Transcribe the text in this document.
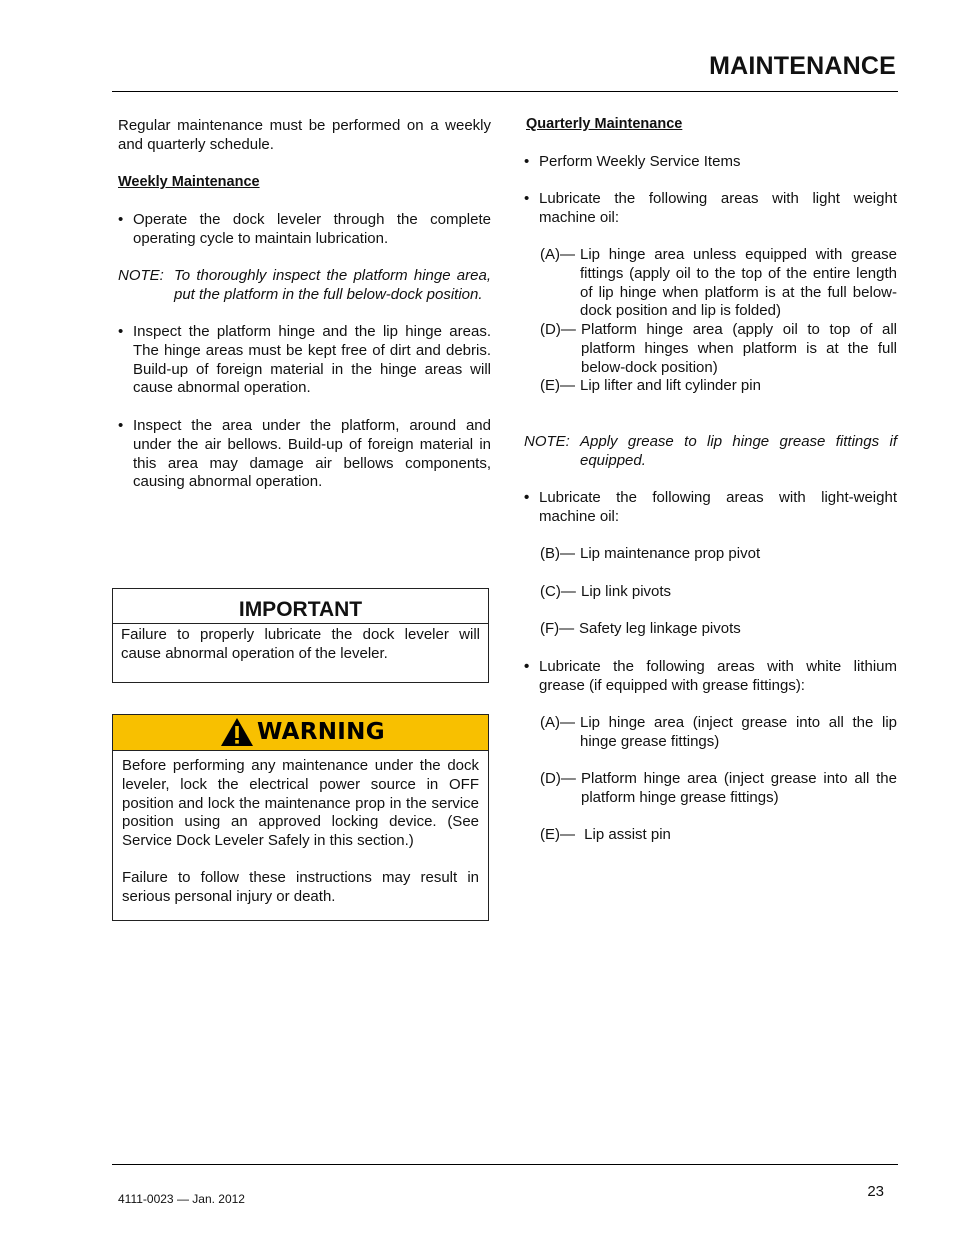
MAINTENANCE
Regular maintenance must be performed on a weekly and quarterly schedule.
Weekly Maintenance
• Operate the dock leveler through the complete operating cycle to maintain lubrication.
NOTE: To thoroughly inspect the platform hinge area, put the platform in the full below-dock position.
• Inspect the platform hinge and the lip hinge areas. The hinge areas must be kept free of dirt and debris. Build-up of foreign material in the hinge areas will cause abnormal operation.
• Inspect the area under the platform, around and under the air bellows. Build-up of foreign material in this area may damage air bellows components, causing abnormal operation.
IMPORTANT
Failure to properly lubricate the dock leveler will cause abnormal operation of the leveler.
WARNING
Before performing any maintenance under the dock leveler, lock the electrical power source in OFF position and lock the maintenance prop in the service position using an approved locking device. (See Service Dock Leveler Safely in this section.)
Failure to follow these instructions may result in serious personal injury or death.
Quarterly Maintenance
• Perform Weekly Service Items
• Lubricate the following areas with light weight machine oil:
(A)— Lip hinge area unless equipped with grease fittings (apply oil to the top of the entire length of lip hinge when platform is at the full below-dock position and lip is folded)
(D)— Platform hinge area (apply oil to top of all platform hinges when platform is at the full below-dock position)
(E)— Lip lifter and lift cylinder pin
NOTE: Apply grease to lip hinge grease fittings if equipped.
• Lubricate the following areas with light-weight machine oil:
(B)— Lip maintenance prop pivot
(C)— Lip link pivots
(F)— Safety leg linkage pivots
• Lubricate the following areas with white lithium grease (if equipped with grease fittings):
(A)— Lip hinge area (inject grease into all the lip hinge grease fittings)
(D)— Platform hinge area (inject grease into all the platform hinge grease fittings)
(E)— Lip assist pin
4111-0023 — Jan. 2012	23
